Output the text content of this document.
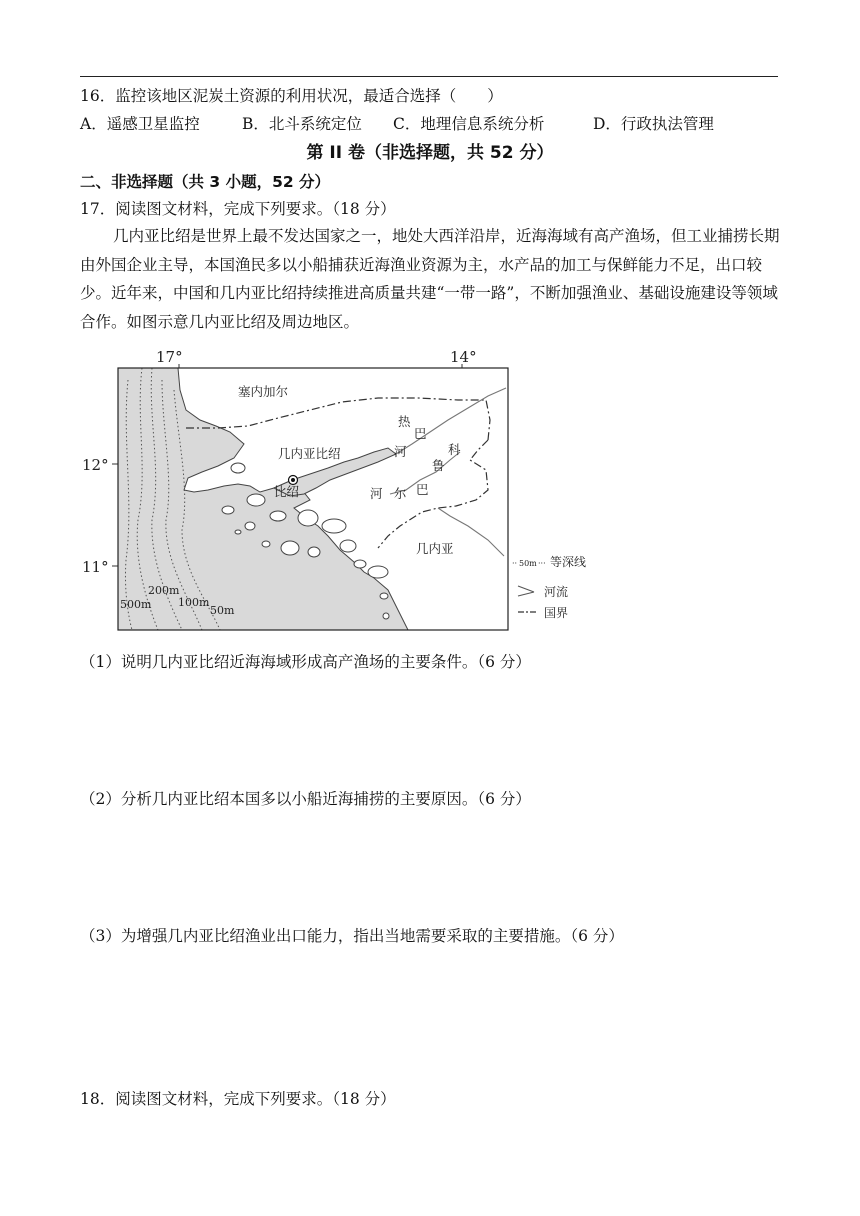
16．监控该地区泥炭土资源的利用状况，最适合选择（　　）
A．遥感卫星监控	B．北斗系统定位 C．地理信息系统分析	D．行政执法管理
第 II 卷（非选择题，共 52 分）
二、非选择题（共 3 小题，52 分）
17．阅读图文材料，完成下列要求。（18 分）
几内亚比绍是世界上最不发达国家之一，地处大西洋沿岸，近海海域有高产渔场，但工业捕捞长期由外国企业主导，本国渔民多以小船捕获近海渔业资源为主，水产品的加工与保鲜能力不足，出口较少。近年来，中国和几内亚比绍持续推进高质量共建“一带一路”，不断加强渔业、基础设施建设等领域合作。如图示意几内亚比绍及周边地区。
17°	14°
12°
11°
塞内加尔
几内亚比绍
比绍
几内亚
热
巴
河	科
鲁
河 尔 巴
200m
100m
500m	50m
·· 50m ··· 等深线
河流
国界
（1）说明几内亚比绍近海海域形成高产渔场的主要条件。（6 分）
（2）分析几内亚比绍本国多以小船近海捕捞的主要原因。（6 分）
（3）为增强几内亚比绍渔业出口能力，指出当地需要采取的主要措施。（6 分）
18．阅读图文材料，完成下列要求。（18 分）
